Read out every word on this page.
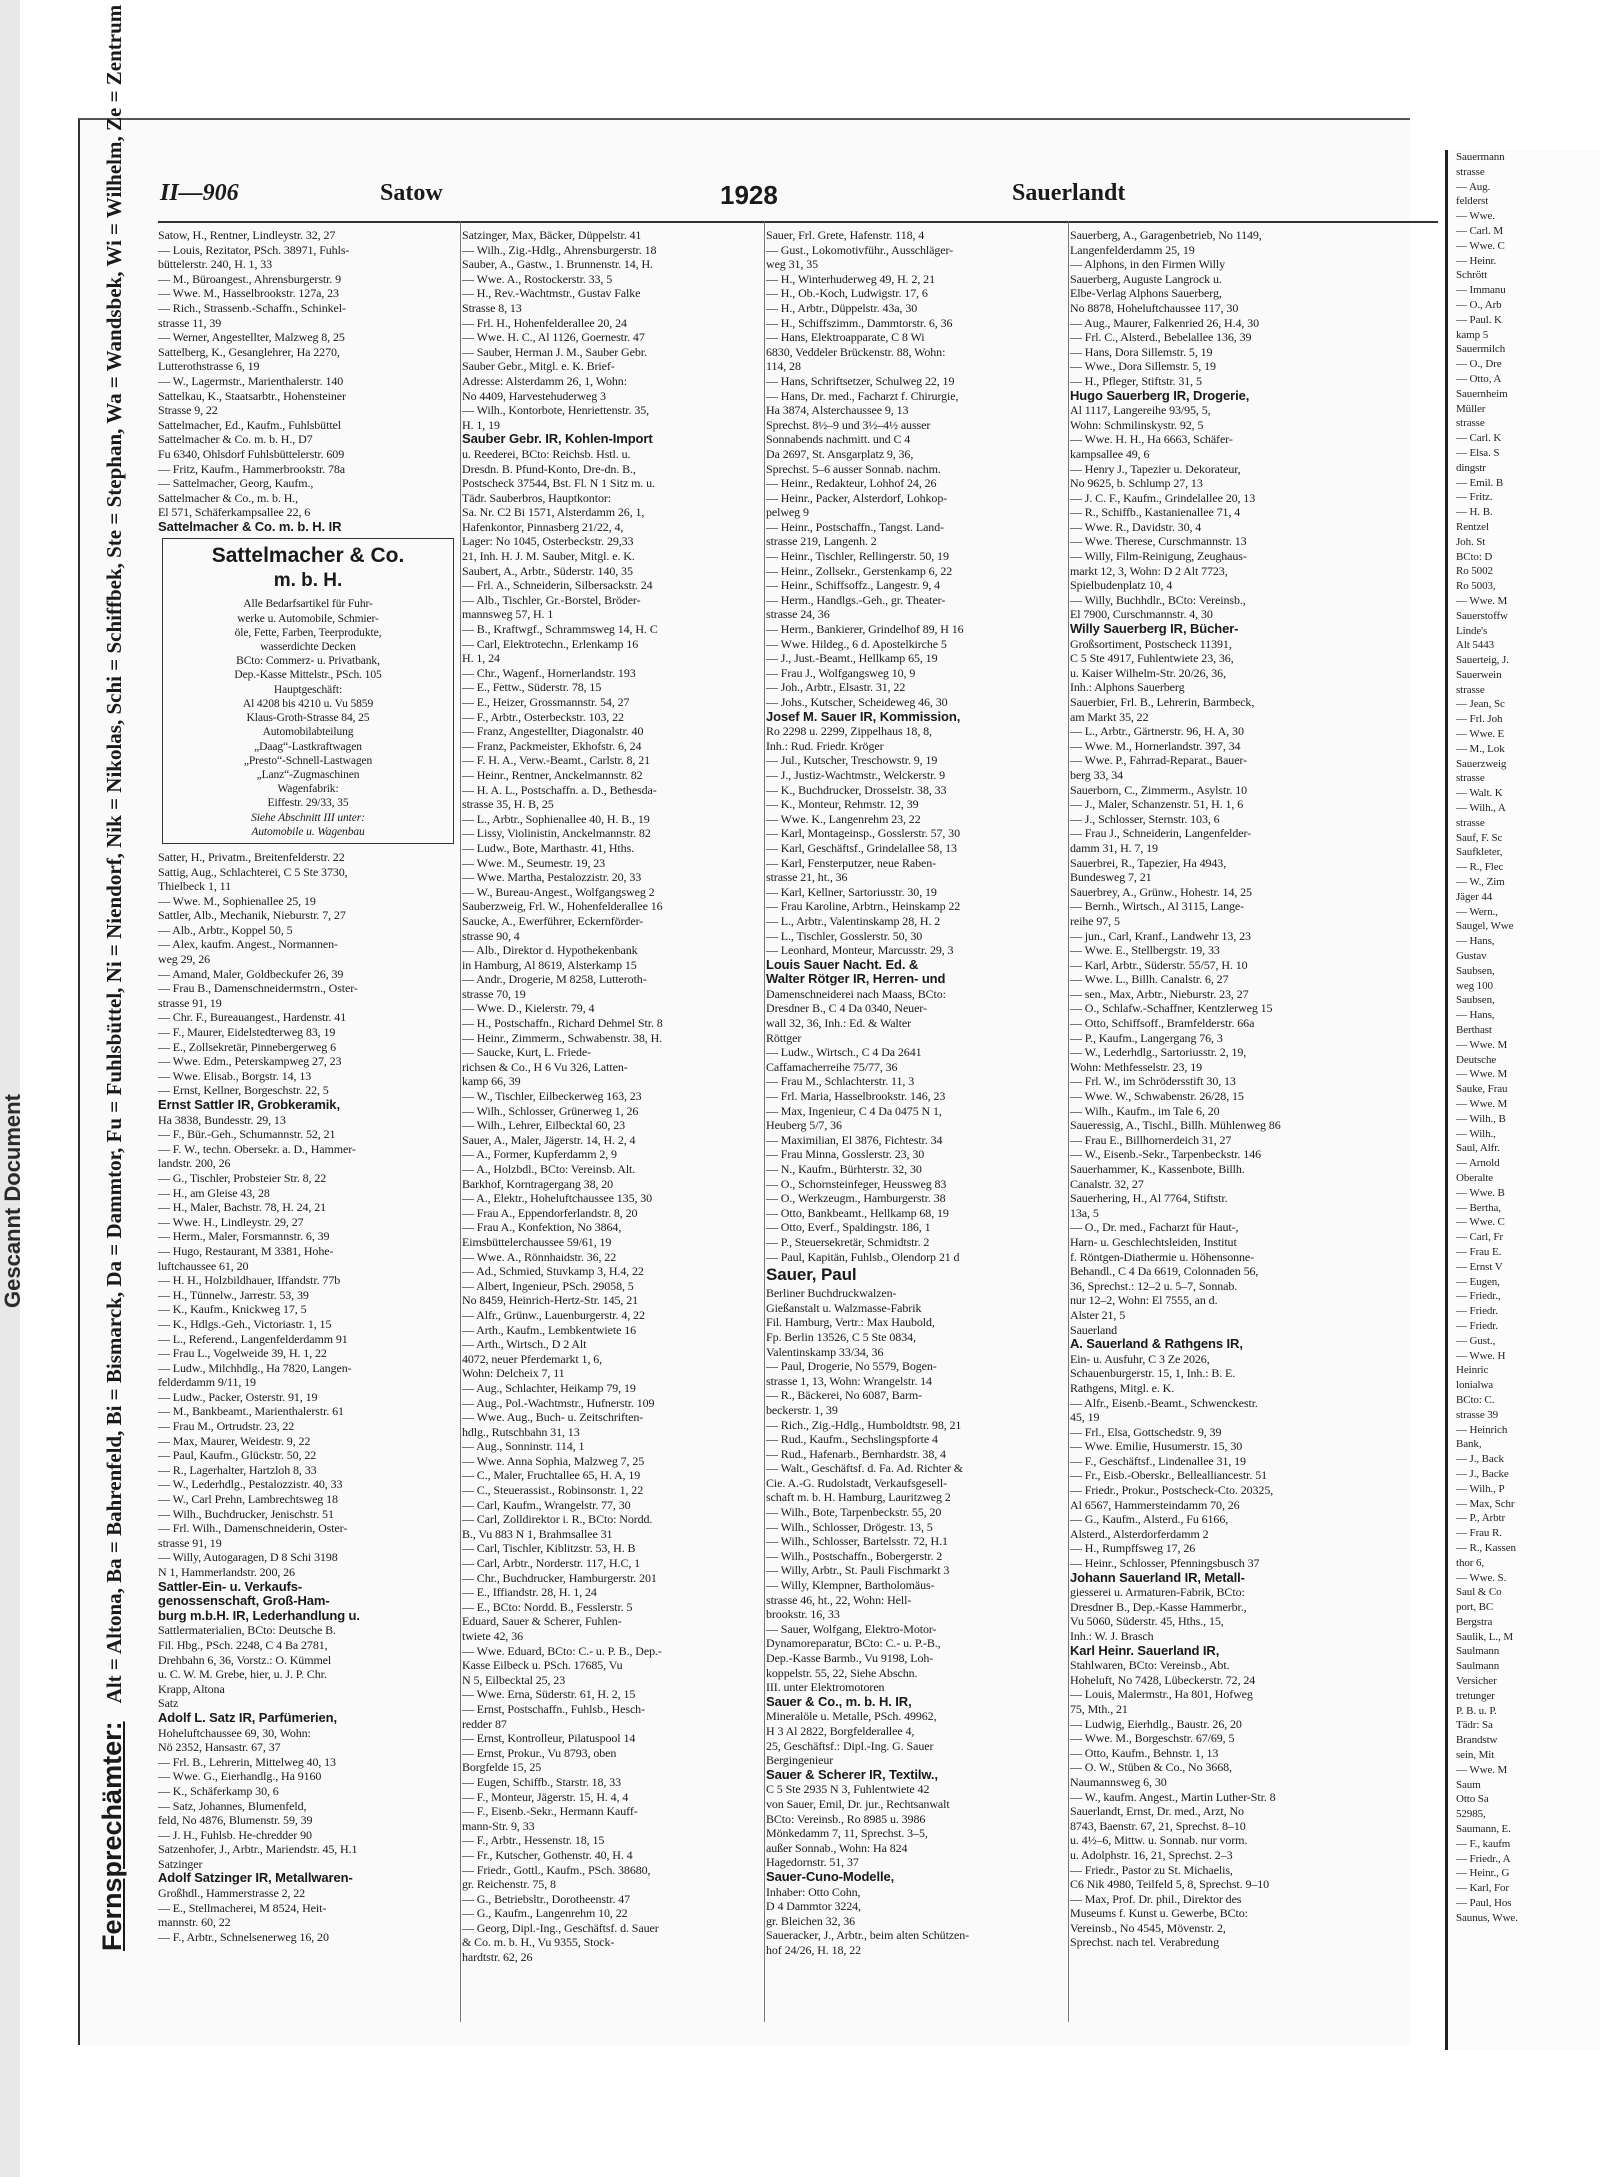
Gescannt Document
Sauermann
strasse
— Aug.
felderst
— Wwe.
— Carl. M
— Wwe. C
— Heinr.
Schrött
— Immanu
— O., Arb
— Paul. K
kamp 5
Sauermilch
— O., Dre
— Otto, A
Sauernheim
Müller
strasse
— Carl. K
— Elsa. S
dingstr
— Emil. B
— Fritz.
— H. B.
Rentzel
Joh. St
BCto: D
Ro 5002
Ro 5003,
— Wwe. M
Sauerstoffw
Linde's
Alt 5443
Sauerteig, J.
Sauerwein
strasse
— Jean, Sc
— Frl. Joh
— Wwe. E
— M., Lok
Sauerzweig
strasse
— Walt. K
— Wilh., A
strasse
Sauf, F. Sc
Saufkleter,
— R., Flec
— W., Zim
Jäger 44
— Wern.,
Saugel, Wwe
— Hans,
Gustav
Saubsen,
weg 100
Saubsen,
— Hans,
Berthast
— Wwe. M
Deutsche
— Wwe. M
Sauke, Frau
— Wwe. M
— Wilh., B
— Wilh.,
Saul, Alfr.
— Arnold
Oberalte
— Wwe. B
— Bertha,
— Wwe. C
— Carl, Fr
— Frau E.
— Ernst V
— Eugen,
— Friedr.,
— Friedr.
— Friedr.
— Gust.,
— Wwe. H
Heinric
lonialwa
BCto: C.
strasse 39
— Heinrich
Bank,
— J., Back
— J., Backe
— Wilh., P
— Max, Schr
— P., Arbtr
— Frau R.
— R., Kassen
thor 6,
— Wwe. S.
Saul & Co
port, BC
Bergstra
Saulik, L., M
Saulmann
Saulmann
Versicher
tretunger
P. B. u. P.
Tädr: Sa
Brandstw
sein, Mit
— Wwe. M
Saum
Otto Sa
52985,
Saumann, E.
— F., kaufm
— Friedr., A
— Heinr., G
— Karl, For
— Paul, Hos
Saunus, Wwe.
II—906	Satow	1928	Sauerlandt
Fernsprechämter: Alt = Altona, Ba = Bahrenfeld, Bi = Bismarck, Da = Dammtor, Fu = Fuhlsbüttel, Ni = Niendorf, Nik = Nikolas, Schi = Schiffbek, Ste = Stephan, Wa = Wandsbek, Wi = Wilhelm, Ze = Zentrum	Satow, H., Rentner, Lindleystr. 32, 27
— Louis, Rezitator, PSch. 38971, Fuhls-
büttelerstr. 240, H. 1, 33
— M., Büroangest., Ahrensburgerstr. 9
— Wwe. M., Hasselbrookstr. 127a, 23
— Rich., Strassenb.-Schaffn., Schinkel-
strasse 11, 39
— Werner, Angestellter, Malzweg 8, 25
Sattelberg, K., Gesanglehrer, Ha 2270,
Lutterothstrasse 6, 19
— W., Lagermstr., Marienthalerstr. 140
Sattelkau, K., Staatsarbtr., Hohensteiner
Strasse 9, 22
Sattelmacher, Ed., Kaufm., Fuhlsbüttel
Sattelmacher & Co. m. b. H., D7
Fu 6340, Ohlsdorf Fuhlsbüttelerstr. 609
— Fritz, Kaufm., Hammerbrookstr. 78a
— Sattelmacher, Georg, Kaufm.,
Sattelmacher & Co., m. b. H.,
El 571, Schäferkampsallee 22, 6
Sattelmacher & Co. m. b. H. IR
Sattelmacher & Co.
m. b. H.
Alle Bedarfsartikel für Fuhr-
werke u. Automobile, Schmier-
öle, Fette, Farben, Teerprodukte,
wasserdichte Decken
BCto: Commerz- u. Privatbank,
Dep.-Kasse Mittelstr., PSch. 105
Hauptgeschäft:
Al 4208 bis 4210 u. Vu 5859
Klaus-Groth-Strasse 84, 25
Automobilabteilung
„Daag“-Lastkraftwagen
„Presto“-Schnell-Lastwagen
„Lanz“-Zugmaschinen
Wagenfabrik:
Eiffestr. 29/33, 35
Siehe Abschnitt III unter:
Automobile u. Wagenbau
Satter, H., Privatm., Breitenfelderstr. 22
Sattig, Aug., Schlachterei, C 5 Ste 3730,
Thielbeck 1, 11
— Wwe. M., Sophienallee 25, 19
Sattler, Alb., Mechanik, Nieburstr. 7, 27
— Alb., Arbtr., Koppel 50, 5
— Alex, kaufm. Angest., Normannen-
weg 29, 26
— Amand, Maler, Goldbeckufer 26, 39
— Frau B., Damenschneidermstrn., Oster-
strasse 91, 19
— Chr. F., Bureauangest., Hardenstr. 41
— F., Maurer, Eidelstedterweg 83, 19
— E., Zollsekretär, Pinnebergerweg 6
— Wwe. Edm., Peterskampweg 27, 23
— Wwe. Elisab., Borgstr. 14, 13
— Ernst, Kellner, Borgeschstr. 22, 5
Ernst Sattler IR, Grobkeramik,
Ha 3838, Bundesstr. 29, 13
— F., Bür.-Geh., Schumannstr. 52, 21
— F. W., techn. Obersekr. a. D., Hammer-
landstr. 200, 26
— G., Tischler, Probsteier Str. 8, 22
— H., am Gleise 43, 28
— H., Maler, Bachstr. 78, H. 24, 21
— Wwe. H., Lindleystr. 29, 27
— Herm., Maler, Forsmannstr. 6, 39
— Hugo, Restaurant, M 3381, Hohe-
luftchaussee 61, 20
— H. H., Holzbildhauer, Iffandstr. 77b
— H., Tünnelw., Jarrestr. 53, 39
— K., Kaufm., Knickweg 17, 5
— K., Hdlgs.-Geh., Victoriastr. 1, 15
— L., Referend., Langenfelderdamm 91
— Frau L., Vogelweide 39, H. 1, 22
— Ludw., Milchhdlg., Ha 7820, Langen-
felderdamm 9/11, 19
— Ludw., Packer, Osterstr. 91, 19
— M., Bankbeamt., Marienthalerstr. 61
— Frau M., Ortrudstr. 23, 22
— Max, Maurer, Weidestr. 9, 22
— Paul, Kaufm., Glückstr. 50, 22
— R., Lagerhalter, Hartzloh 8, 33
— W., Lederhdlg., Pestalozzistr. 40, 33
— W., Carl Prehn, Lambrechtsweg 18
— Wilh., Buchdrucker, Jenischstr. 51
— Frl. Wilh., Damenschneiderin, Oster-
strasse 91, 19
— Willy, Autogaragen, D 8 Schi 3198
N 1, Hammerlandstr. 200, 26
Sattler-Ein- u. Verkaufs-
genossenschaft, Groß-Ham-
burg m.b.H. IR, Lederhandlung u.
Sattlermaterialien, BCto: Deutsche B.
Fil. Hbg., PSch. 2248, C 4 Ba 2781,
Drehbahn 6, 36, Vorstz.: O. Kümmel
u. C. W. M. Grebe, hier, u. J. P. Chr.
Krapp, Altona
Satz
Adolf L. Satz IR, Parfümerien,
Hoheluftchaussee 69, 30, Wohn:
Nö 2352, Hansastr. 67, 37
— Frl. B., Lehrerin, Mittelweg 40, 13
— Wwe. G., Eierhandlg., Ha 9160
— K., Schäferkamp 30, 6
— Satz, Johannes, Blumenfeld,
feld, No 4876, Blumenstr. 59, 39
— J. H., Fuhlsb. He-chredder 90
Satzenhofer, J., Arbtr., Mariendstr. 45, H.1
Satzinger
Adolf Satzinger IR, Metallwaren-
Großhdl., Hammerstrasse 2, 22
— E., Stellmacherei, M 8524, Heit-
mannstr. 60, 22
— F., Arbtr., Schnelsenerweg 16, 20
Satzinger, Max, Bäcker, Düppelstr. 41
— Wilh., Zig.-Hdlg., Ahrensburgerstr. 18
Sauber, A., Gastw., 1. Brunnenstr. 14, H.
— Wwe. A., Rostockerstr. 33, 5
— H., Rev.-Wachtmstr., Gustav Falke
Strasse 8, 13
— Frl. H., Hohenfelderallee 20, 24
— Wwe. H. C., Al 1126, Goernestr. 47
— Sauber, Herman J. M., Sauber Gebr.
Sauber Gebr., Mitgl. e. K. Brief-
Adresse: Alsterdamm 26, 1, Wohn:
No 4409, Harvestehuderweg 3
— Wilh., Kontorbote, Henriettenstr. 35,
H. 1, 19
Sauber Gebr. IR, Kohlen-Import
u. Reederei, BCto: Reichsb. Hstl. u.
Dresdn. B. Pfund-Konto, Dre-dn. B.,
Postscheck 37544, Bst. Fl. N 1 Sitz m. u.
Tädr. Sauberbros, Hauptkontor:
Sa. Nr. C2 Bi 1571, Alsterdamm 26, 1,
Hafenkontor, Pinnasberg 21/22, 4,
Lager: No 1045, Osterbeckstr. 29,33
21, Inh. H. J. M. Sauber, Mitgl. e. K.
Saubert, A., Arbtr., Süderstr. 140, 35
— Frl. A., Schneiderin, Silbersackstr. 24
— Alb., Tischler, Gr.-Borstel, Bröder-
mannsweg 57, H. 1
— B., Kraftwgf., Schrammsweg 14, H. C
— Carl, Elektrotechn., Erlenkamp 16
H. 1, 24
— Chr., Wagenf., Hornerlandstr. 193
— E., Fettw., Süderstr. 78, 15
— E., Heizer, Grossmannstr. 54, 27
— F., Arbtr., Osterbeckstr. 103, 22
— Franz, Angestellter, Diagonalstr. 40
— Franz, Packmeister, Ekhofstr. 6, 24
— F. H. A., Verw.-Beamt., Carlstr. 8, 21
— Heinr., Rentner, Anckelmannstr. 82
— H. A. L., Postschaffn. a. D., Bethesda-
strasse 35, H. B, 25
— L., Arbtr., Sophienallee 40, H. B., 19
— Lissy, Violinistin, Anckelmannstr. 82
— Ludw., Bote, Marthastr. 41, Hths.
— Wwe. M., Seumestr. 19, 23
— Wwe. Martha, Pestalozzistr. 20, 33
— W., Bureau-Angest., Wolfgangsweg 2
Sauberzweig, Frl. W., Hohenfelderallee 16
Saucke, A., Ewerführer, Eckernförder-
strasse 90, 4
— Alb., Direktor d. Hypothekenbank
in Hamburg, Al 8619, Alsterkamp 15
— Andr., Drogerie, M 8258, Lutteroth-
strasse 70, 19
— Wwe. D., Kielerstr. 79, 4
— H., Postschaffn., Richard Dehmel Str. 8
— Heinr., Zimmerm., Schwabenstr. 38, H.
— Saucke, Kurt, L. Friede-
richsen & Co., H 6 Vu 326, Latten-
kamp 66, 39
— W., Tischler, Eilbeckerweg 163, 23
— Wilh., Schlosser, Grünerweg 1, 26
— Wilh., Lehrer, Eilbecktal 60, 23
Sauer, A., Maler, Jägerstr. 14, H. 2, 4
— A., Former, Kupferdamm 2, 9
— A., Holzbdl., BCto: Vereinsb. Alt.
Barkhof, Korntragergang 38, 20
— A., Elektr., Hoheluftchaussee 135, 30
— Frau A., Eppendorferlandstr. 8, 20
— Frau A., Konfektion, No 3864,
Eimsbüttelerchaussee 59/61, 19
— Wwe. A., Rönnhaidstr. 36, 22
— Ad., Schmied, Stuvkamp 3, H.4, 22
— Albert, Ingenieur, PSch. 29058, 5
No 8459, Heinrich-Hertz-Str. 145, 21
— Alfr., Grünw., Lauenburgerstr. 4, 22
— Arth., Kaufm., Lembkentwiete 16
— Arth., Wirtsch., D 2 Alt
4072, neuer Pferdemarkt 1, 6,
Wohn: Delcheix 7, 11
— Aug., Schlachter, Heikamp 79, 19
— Aug., Pol.-Wachtmstr., Hufnerstr. 109
— Wwe. Aug., Buch- u. Zeitschriften-
hdlg., Rutschbahn 31, 13
— Aug., Sonninstr. 114, 1
— Wwe. Anna Sophia, Malzweg 7, 25
— C., Maler, Fruchtallee 65, H. A, 19
— C., Steuerassist., Robinsonstr. 1, 22
— Carl, Kaufm., Wrangelstr. 77, 30
— Carl, Zolldirektor i. R., BCto: Nordd.
B., Vu 883 N 1, Brahmsallee 31
— Carl, Tischler, Kiblitzstr. 53, H. B
— Carl, Arbtr., Norderstr. 117, H.C, 1
— Chr., Buchdrucker, Hamburgerstr. 201
— E., Iffiandstr. 28, H. 1, 24
— E., BCto: Nordd. B., Fesslerstr. 5
Eduard, Sauer & Scherer, Fuhlen-
twiete 42, 36
— Wwe. Eduard, BCto: C.- u. P. B., Dep.-
Kasse Eilbeck u. PSch. 17685, Vu
N 5, Eilbecktal 25, 23
— Wwe. Erna, Süderstr. 61, H. 2, 15
— Ernst, Postschaffn., Fuhlsb., Hesch-
redder 87
— Ernst, Kontrolleur, Pilatuspool 14
— Ernst, Prokur., Vu 8793, oben
Borgfelde 15, 25
— Eugen, Schiffb., Starstr. 18, 33
— F., Monteur, Jägerstr. 15, H. 4, 4
— F., Eisenb.-Sekr., Hermann Kauff-
mann-Str. 9, 33
— F., Arbtr., Hessenstr. 18, 15
— Fr., Kutscher, Gothenstr. 40, H. 4
— Friedr., Gottl., Kaufm., PSch. 38680,
gr. Reichenstr. 75, 8
— G., Betriebsltr., Dorotheenstr. 47
— G., Kaufm., Langenrehm 10, 22
— Georg, Dipl.-Ing., Geschäftsf. d. Sauer
& Co. m. b. H., Vu 9355, Stock-
hardtstr. 62, 26
Sauer, Frl. Grete, Hafenstr. 118, 4
— Gust., Lokomotivführ., Ausschläger-
weg 31, 35
— H., Winterhuderweg 49, H. 2, 21
— H., Ob.-Koch, Ludwigstr. 17, 6
— H., Arbtr., Düppelstr. 43a, 30
— H., Schiffszimm., Dammtorstr. 6, 36
— Hans, Elektroapparate, C 8 Wi
6830, Veddeler Brückenstr. 88, Wohn:
114, 28
— Hans, Schriftsetzer, Schulweg 22, 19
— Hans, Dr. med., Facharzt f. Chirurgie,
Ha 3874, Alsterchaussee 9, 13
Sprechst. 8½–9 und 3½–4½ ausser
Sonnabends nachmitt. und C 4
Da 2697, St. Ansgarplatz 9, 36,
Sprechst. 5–6 ausser Sonnab. nachm.
— Heinr., Redakteur, Lohhof 24, 26
— Heinr., Packer, Alsterdorf, Lohkop-
pelweg 9
— Heinr., Postschaffn., Tangst. Land-
strasse 219, Langenh. 2
— Heinr., Tischler, Rellingerstr. 50, 19
— Heinr., Zollsekr., Gerstenkamp 6, 22
— Heinr., Schiffsoffz., Langestr. 9, 4
— Herm., Handlgs.-Geh., gr. Theater-
strasse 24, 36
— Herm., Bankierer, Grindelhof 89, H 16
— Wwe. Hildeg., 6 d. Apostelkirche 5
— J., Just.-Beamt., Hellkamp 65, 19
— Frau J., Wolfgangsweg 10, 9
— Joh., Arbtr., Elsastr. 31, 22
— Johs., Kutscher, Scheideweg 46, 30
Josef M. Sauer IR, Kommission,
Ro 2298 u. 2299, Zippelhaus 18, 8,
Inh.: Rud. Friedr. Kröger
— Jul., Kutscher, Treschowstr. 9, 19
— J., Justiz-Wachtmstr., Welckerstr. 9
— K., Buchdrucker, Drosselstr. 38, 33
— K., Monteur, Rehmstr. 12, 39
— Wwe. K., Langenrehm 23, 22
— Karl, Montageinsp., Gosslerstr. 57, 30
— Karl, Geschäftsf., Grindelallee 58, 13
— Karl, Fensterputzer, neue Raben-
strasse 21, ht., 36
— Karl, Kellner, Sartoriusstr. 30, 19
— Frau Karoline, Arbtrn., Heinskamp 22
— L., Arbtr., Valentinskamp 28, H. 2
— L., Tischler, Gosslerstr. 50, 30
— Leonhard, Monteur, Marcusstr. 29, 3
Louis Sauer Nacht. Ed. &
Walter Rötger IR, Herren- und
Damenschneiderei nach Maass, BCto:
Dresdner B., C 4 Da 0340, Neuer-
wall 32, 36, Inh.: Ed. & Walter
Röttger
— Ludw., Wirtsch., C 4 Da 2641
Caffamacherreihe 75/77, 36
— Frau M., Schlachterstr. 11, 3
— Frl. Maria, Hasselbrookstr. 146, 23
— Max, Ingenieur, C 4 Da 0475 N 1,
Heuberg 5/7, 36
— Maximilian, El 3876, Fichtestr. 34
— Frau Minna, Gosslerstr. 23, 30
— N., Kaufm., Bürhterstr. 32, 30
— O., Schornsteinfeger, Heussweg 83
— O., Werkzeugm., Hamburgerstr. 38
— Otto, Bankbeamt., Hellkamp 68, 19
— Otto, Everf., Spaldingstr. 186, 1
— P., Steuersekretär, Schmidtstr. 2
— Paul, Kapitän, Fuhlsb., Olendorp 21 d
Sauer, Paul
Berliner Buchdruckwalzen-
Gießanstalt u. Walzmasse-Fabrik
Fil. Hamburg, Vertr.: Max Haubold,
Fp. Berlin 13526, C 5 Ste 0834,
Valentinskamp 33/34, 36
— Paul, Drogerie, No 5579, Bogen-
strasse 1, 13, Wohn: Wrangelstr. 14
— R., Bäckerei, No 6087, Barm-
beckerstr. 1, 39
— Rich., Zig.-Hdlg., Humboldtstr. 98, 21
— Rud., Kaufm., Sechslingspforte 4
— Rud., Hafenarb., Bernhardstr. 38, 4
— Walt., Geschäftsf. d. Fa. Ad. Richter &
Cie. A.-G. Rudolstadt, Verkaufsgesell-
schaft m. b. H. Hamburg, Lauritzweg 2
— Wilh., Bote, Tarpenbeckstr. 55, 20
— Wilh., Schlosser, Drögestr. 13, 5
— Wilh., Schlosser, Bartelsstr. 72, H.1
— Wilh., Postschaffn., Bobergerstr. 2
— Willy, Arbtr., St. Pauli Fischmarkt 3
— Willy, Klempner, Bartholomäus-
strasse 46, ht., 22, Wohn: Hell-
brookstr. 16, 33
— Sauer, Wolfgang, Elektro-Motor-
Dynamoreparatur, BCto: C.- u. P.-B.,
Dep.-Kasse Barmb., Vu 9198, Loh-
koppelstr. 55, 22, Siehe Abschn.
III. unter Elektromotoren
Sauer & Co., m. b. H. IR,
Mineralöle u. Metalle, PSch. 49962,
H 3 Al 2822, Borgfelderallee 4,
25, Geschäftsf.: Dipl.-Ing. G. Sauer
Bergingenieur
Sauer & Scherer IR, Textilw.,
C 5 Ste 2935 N 3, Fuhlentwiete 42
von Sauer, Emil, Dr. jur., Rechtsanwalt
BCto: Vereinsb., Ro 8985 u. 3986
Mönkedamm 7, 11, Sprechst. 3–5,
außer Sonnab., Wohn: Ha 824
Hagedornstr. 51, 37
Sauer-Cuno-Modelle,
Inhaber: Otto Cohn,
D 4 Dammtor 3224,
gr. Bleichen 32, 36
Saueracker, J., Arbtr., beim alten Schützen-
hof 24/26, H. 18, 22
Sauerberg, A., Garagenbetrieb, No 1149,
Langenfelderdamm 25, 19
— Alphons, in den Firmen Willy
Sauerberg, Auguste Langrock u.
Elbe-Verlag Alphons Sauerberg,
No 8878, Hoheluftchaussee 117, 30
— Aug., Maurer, Falkenried 26, H.4, 30
— Frl. C., Alsterd., Bebelallee 136, 39
— Hans, Dora Sillemstr. 5, 19
— Wwe., Dora Sillemstr. 5, 19
— H., Pfleger, Stiftstr. 31, 5
Hugo Sauerberg IR, Drogerie,
Al 1117, Langereihe 93/95, 5,
Wohn: Schmilinskystr. 92, 5
— Wwe. H. H., Ha 6663, Schäfer-
kampsallee 49, 6
— Henry J., Tapezier u. Dekorateur,
No 9625, b. Schlump 27, 13
— J. C. F., Kaufm., Grindelallee 20, 13
— R., Schiffb., Kastanienallee 71, 4
— Wwe. R., Davidstr. 30, 4
— Wwe. Therese, Curschmannstr. 13
— Willy, Film-Reinigung, Zeughaus-
markt 12, 3, Wohn: D 2 Alt 7723,
Spielbudenplatz 10, 4
— Willy, Buchhdlr., BCto: Vereinsb.,
El 7900, Curschmannstr. 4, 30
Willy Sauerberg IR, Bücher-
Großsortiment, Postscheck 11391,
C 5 Ste 4917, Fuhlentwiete 23, 36,
u. Kaiser Wilhelm-Str. 20/26, 36,
Inh.: Alphons Sauerberg
Sauerbier, Frl. B., Lehrerin, Barmbeck,
am Markt 35, 22
— L., Arbtr., Gärtnerstr. 96, H. A, 30
— Wwe. M., Hornerlandstr. 397, 34
— Wwe. P., Fahrrad-Reparat., Bauer-
berg 33, 34
Sauerborn, C., Zimmerm., Asylstr. 10
— J., Maler, Schanzenstr. 51, H. 1, 6
— J., Schlosser, Sternstr. 103, 6
— Frau J., Schneiderin, Langenfelder-
damm 31, H. 7, 19
Sauerbrei, R., Tapezier, Ha 4943,
Bundesweg 7, 21
Sauerbrey, A., Grünw., Hohestr. 14, 25
— Bernh., Wirtsch., Al 3115, Lange-
reihe 97, 5
— jun., Carl, Kranf., Landwehr 13, 23
— Wwe. E., Stellbergstr. 19, 33
— Karl, Arbtr., Süderstr. 55/57, H. 10
— Wwe. L., Billh. Canalstr. 6, 27
— sen., Max, Arbtr., Nieburstr. 23, 27
— O., Schlafw.-Schaffner, Kentzlerweg 15
— Otto, Schiffsoff., Bramfelderstr. 66a
— P., Kaufm., Langergang 76, 3
— W., Lederhdlg., Sartoriusstr. 2, 19,
Wohn: Methfesselstr. 23, 19
— Frl. W., im Schrödersstift 30, 13
— Wwe. W., Schwabenstr. 26/28, 15
— Wilh., Kaufm., im Tale 6, 20
Saueressig, A., Tischl., Billh. Mühlenweg 86
— Frau E., Billhornerdeich 31, 27
— W., Eisenb.-Sekr., Tarpenbeckstr. 146
Sauerhammer, K., Kassenbote, Billh.
Canalstr. 32, 27
Sauerhering, H., Al 7764, Stiftstr.
13a, 5
— O., Dr. med., Facharzt für Haut-,
Harn- u. Geschlechtsleiden, Institut
f. Röntgen-Diathermie u. Höhensonne-
Behandl., C 4 Da 6619, Colonnaden 56,
36, Sprechst.: 12–2 u. 5–7, Sonnab.
nur 12–2, Wohn: El 7555, an d.
Alster 21, 5
Sauerland
A. Sauerland & Rathgens IR,
Ein- u. Ausfuhr, C 3 Ze 2026,
Schauenburgerstr. 15, 1, Inh.: B. E.
Rathgens, Mitgl. e. K.
— Alfr., Eisenb.-Beamt., Schwenckestr.
45, 19
— Frl., Elsa, Gottschedstr. 9, 39
— Wwe. Emilie, Husumerstr. 15, 30
— F., Geschäftsf., Lindenallee 31, 19
— Fr., Eisb.-Oberskr., Bellealliancestr. 51
— Friedr., Prokur., Postscheck-Cto. 20325,
Al 6567, Hammersteindamm 70, 26
— G., Kaufm., Alsterd., Fu 6166,
Alsterd., Alsterdorferdamm 2
— H., Rumpffsweg 17, 26
— Heinr., Schlosser, Pfenningsbusch 37
Johann Sauerland IR, Metall-
giesserei u. Armaturen-Fabrik, BCto:
Dresdner B., Dep.-Kasse Hammerbr.,
Vu 5060, Süderstr. 45, Hths., 15,
Inh.: W. J. Brasch
Karl Heinr. Sauerland IR,
Stahlwaren, BCto: Vereinsb., Abt.
Hoheluft, No 7428, Lübeckerstr. 72, 24
— Louis, Malermstr., Ha 801, Hofweg
75, Mth., 21
— Ludwig, Eierhdlg., Baustr. 26, 20
— Wwe. M., Borgeschstr. 67/69, 5
— Otto, Kaufm., Behnstr. 1, 13
— O. W., Stüben & Co., No 3668,
Naumannsweg 6, 30
— W., kaufm. Angest., Martin Luther-Str. 8
Sauerlandt, Ernst, Dr. med., Arzt, No
8743, Baenstr. 67, 21, Sprechst. 8–10
u. 4½–6, Mittw. u. Sonnab. nur vorm.
u. Adolphstr. 16, 21, Sprechst. 2–3
— Friedr., Pastor zu St. Michaelis,
C6 Nik 4980, Teilfeld 5, 8, Sprechst. 9–10
— Max, Prof. Dr. phil., Direktor des
Museums f. Kunst u. Gewerbe, BCto:
Vereinsb., No 4545, Mövenstr. 2,
Sprechst. nach tel. Verabredung
